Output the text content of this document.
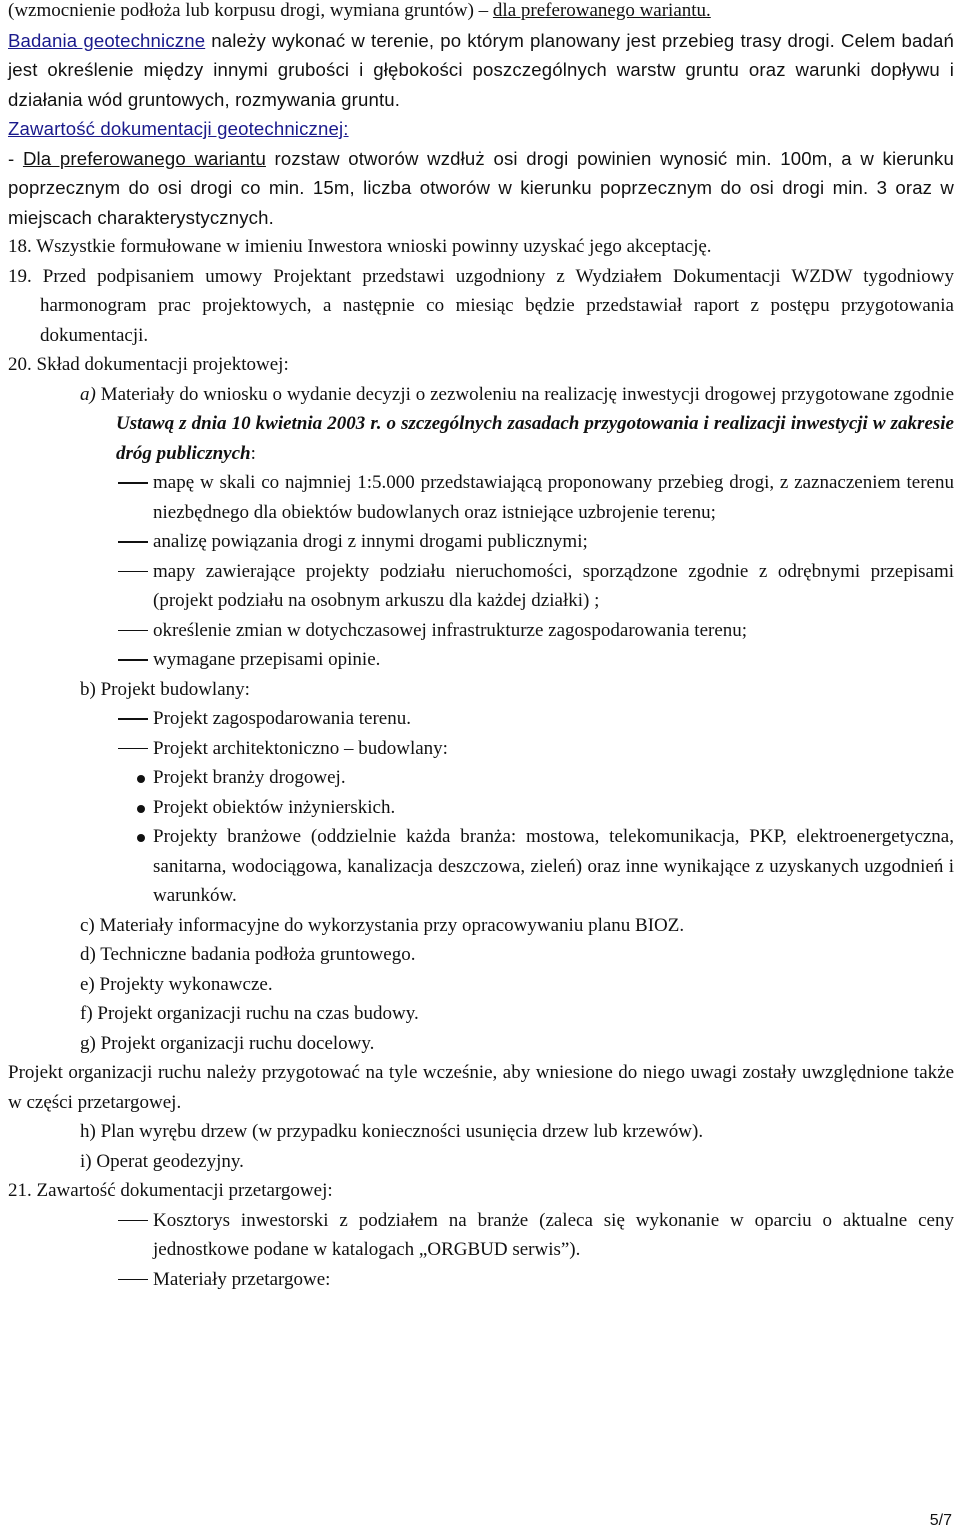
(wzmocnienie podłoża lub korpusu drogi, wymiana gruntów) – dla preferowanego wariantu.

Badania geotechniczne należy wykonać w terenie, po którym planowany jest przebieg trasy drogi. Celem badań jest określenie między innymi grubości i głębokości poszczególnych warstw gruntu oraz warunki dopływu i działania wód gruntowych, rozmywania gruntu.

Zawartość dokumentacji geotechnicznej:

- Dla preferowanego wariantu rozstaw otworów wzdłuż osi drogi powinien wynosić min. 100m, a w kierunku poprzecznym do osi drogi co min. 15m, liczba otworów w kierunku poprzecznym do osi drogi min. 3 oraz w miejscach charakterystycznych.

18. Wszystkie formułowane w imieniu Inwestora wnioski powinny uzyskać jego akceptację.

19. Przed podpisaniem umowy Projektant przedstawi uzgodniony z Wydziałem Dokumentacji WZDW tygodniowy harmonogram prac projektowych, a następnie co miesiąc będzie przedstawiał raport z postępu przygotowania dokumentacji.

20. Skład dokumentacji projektowej:

a) Materiały do wniosku o wydanie decyzji o zezwoleniu na realizację inwestycji drogowej przygotowane zgodnie Ustawą z dnia 10 kwietnia 2003 r. o szczególnych zasadach przygotowania i realizacji inwestycji w zakresie dróg publicznych:

mapę w skali co najmniej 1:5.000 przedstawiającą proponowany przebieg drogi, z zaznaczeniem terenu niezbędnego dla obiektów budowlanych oraz istniejące uzbrojenie terenu;

analizę powiązania drogi z innymi drogami publicznymi;

mapy zawierające projekty podziału nieruchomości, sporządzone zgodnie z odrębnymi przepisami (projekt podziału na osobnym arkuszu dla każdej działki) ;

określenie zmian w dotychczasowej infrastrukturze zagospodarowania terenu;

wymagane przepisami opinie.

b) Projekt budowlany:

Projekt zagospodarowania terenu.

Projekt architektoniczno – budowlany:

Projekt branży drogowej.

Projekt obiektów inżynierskich.

Projekty branżowe (oddzielnie każda branża: mostowa, telekomunikacja, PKP, elektroenergetyczna, sanitarna, wodociągowa, kanalizacja deszczowa, zieleń) oraz inne wynikające z uzyskanych uzgodnień i warunków.

c) Materiały informacyjne do wykorzystania przy opracowywaniu planu BIOZ.

d) Techniczne badania podłoża gruntowego.

e) Projekty wykonawcze.

f) Projekt organizacji ruchu na czas budowy.

g) Projekt organizacji ruchu docelowy.

Projekt organizacji ruchu należy przygotować na tyle wcześnie, aby wniesione do niego uwagi zostały uwzględnione także w części przetargowej.

h) Plan wyrębu drzew (w przypadku konieczności usunięcia drzew lub krzewów).

i) Operat geodezyjny.

21. Zawartość dokumentacji przetargowej:

Kosztorys inwestorski z podziałem na branże (zaleca się wykonanie w oparciu o aktualne ceny jednostkowe podane w katalogach „ORGBUD serwis”).

Materiały przetargowe:

5/7
